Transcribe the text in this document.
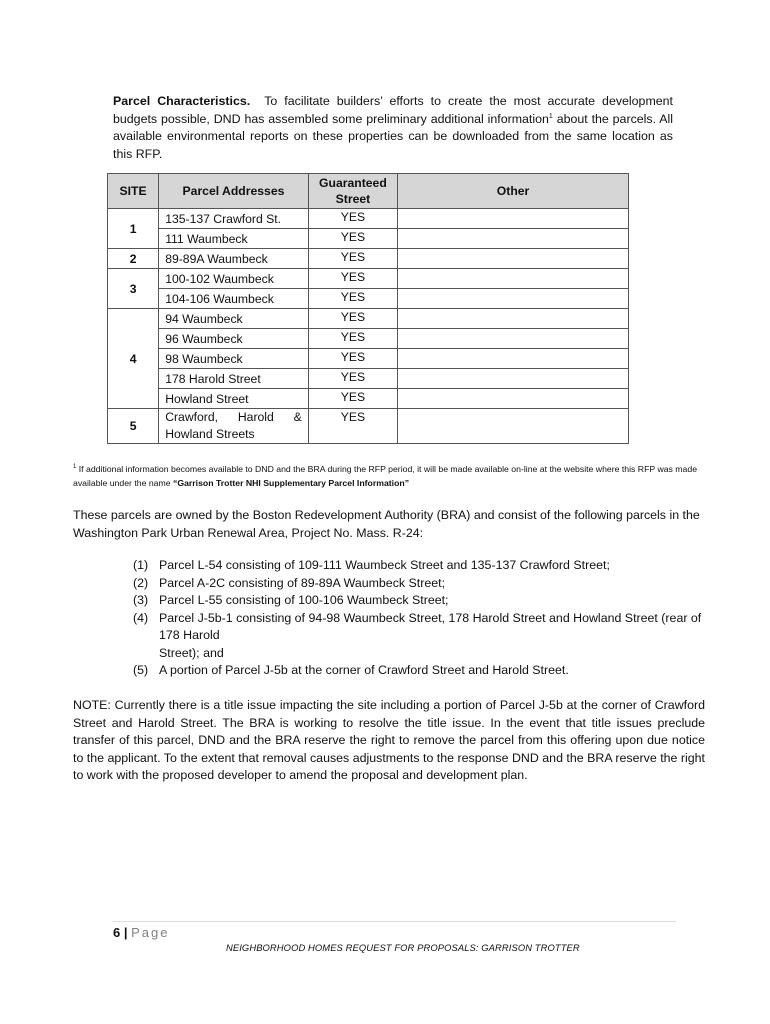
Parcel Characteristics. To facilitate builders’ efforts to create the most accurate development budgets possible, DND has assembled some preliminary additional information$^1$ about the parcels. All available environmental reports on these properties can be downloaded from the same location as this RFP.
SITE	Parcel Addresses	Guaranteed Street	Other
1	135-137 Crawford St.	YES	
	111 Waumbeck	YES	
2	89-89A Waumbeck	YES	
3	100-102 Waumbeck	YES	
	104-106 Waumbeck	YES	
4	94 Waumbeck	YES	
	96 Waumbeck	YES	
	98 Waumbeck	YES	
	178 Harold Street	YES	
	Howland Street	YES	
5	Crawford, Harold &
Howland Streets	YES	
$^1$ If additional information becomes available to DND and the BRA during the RFP period, it will be made available on-line at the website where this RFP was made available under the name “Garrison Trotter NHI Supplementary Parcel Information”
These parcels are owned by the Boston Redevelopment Authority (BRA) and consist of the following parcels in the Washington Park Urban Renewal Area, Project No. Mass. R-24:
(1) Parcel L-54 consisting of 109-111 Waumbeck Street and 135-137 Crawford Street;
(2) Parcel A-2C consisting of 89-89A Waumbeck Street;
(3) Parcel L-55 consisting of 100-106 Waumbeck Street;
(4) Parcel J-5b-1 consisting of 94-98 Waumbeck Street, 178 Harold Street and Howland Street (rear of 178 Harold
Street); and
(5) A portion of Parcel J-5b at the corner of Crawford Street and Harold Street.
NOTE: Currently there is a title issue impacting the site including a portion of Parcel J-5b at the corner of Crawford Street and Harold Street. The BRA is working to resolve the title issue. In the event that title issues preclude transfer of this parcel, DND and the BRA reserve the right to remove the parcel from this offering upon due notice to the applicant. To the extent that removal causes adjustments to the response DND and the BRA reserve the right to work with the proposed developer to amend the proposal and development plan.
6 | Page
NEIGHBORHOOD HOMES REQUEST FOR PROPOSALS: GARRISON TROTTER
